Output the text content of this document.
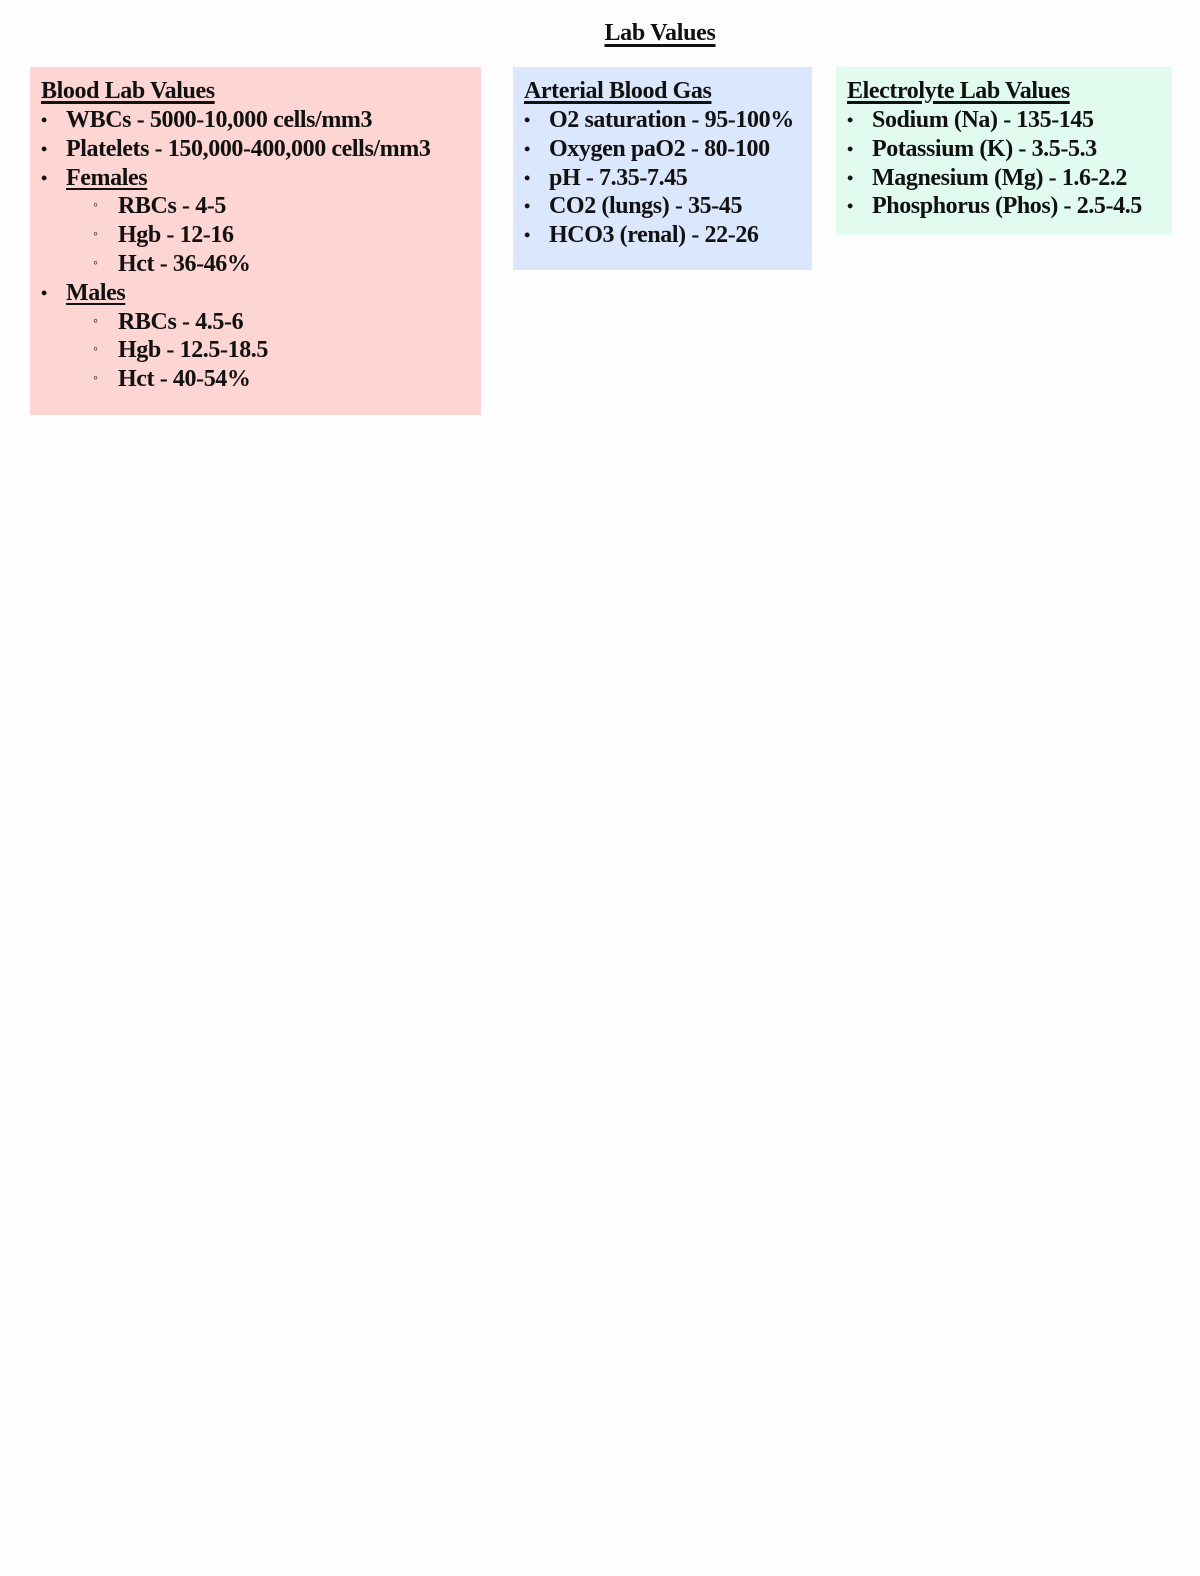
Lab Values
Blood Lab Values
• WBCs - 5000-10,000 cells/mm3
• Platelets - 150,000-400,000 cells/mm3
• Females
◦ RBCs - 4-5
◦ Hgb - 12-16
◦ Hct - 36-46%
• Males
◦ RBCs - 4.5-6
◦ Hgb - 12.5-18.5
◦ Hct - 40-54%
Arterial Blood Gas
• O2 saturation - 95-100%
• Oxygen paO2 - 80-100
• pH - 7.35-7.45
• CO2 (lungs) - 35-45
• HCO3 (renal) - 22-26
Electrolyte Lab Values
• Sodium (Na) - 135-145
• Potassium (K) - 3.5-5.3
• Magnesium (Mg) - 1.6-2.2
• Phosphorus (Phos) - 2.5-4.5
